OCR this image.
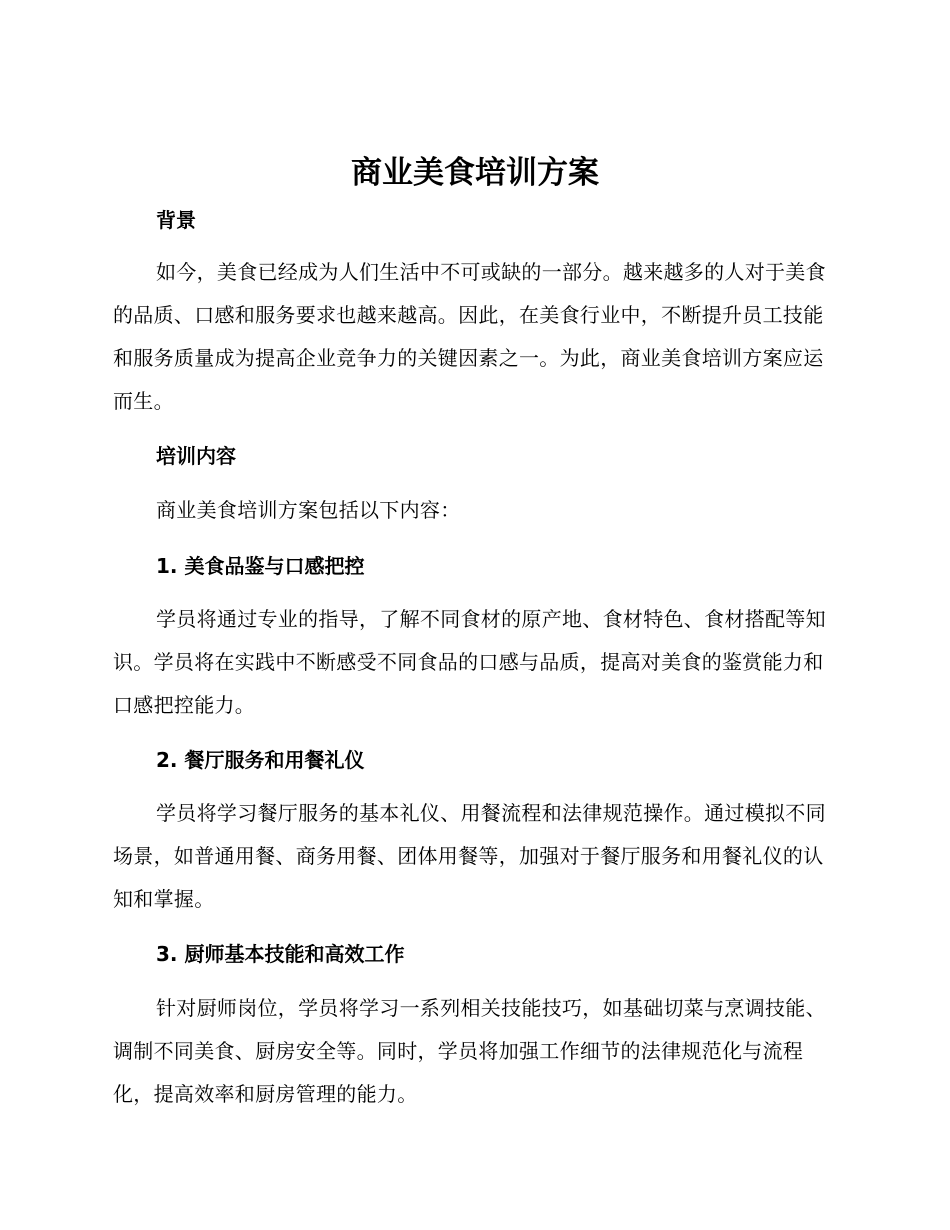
商业美食培训方案
背景

如今，美食已经成为人们生活中不可或缺的一部分。越来越多的人对于美食的品质、口感和服务要求也越来越高。因此，在美食行业中，不断提升员工技能和服务质量成为提高企业竞争力的关键因素之一。为此，商业美食培训方案应运而生。

培训内容

商业美食培训方案包括以下内容：

1. 美食品鉴与口感把控

学员将通过专业的指导，了解不同食材的原产地、食材特色、食材搭配等知识。学员将在实践中不断感受不同食品的口感与品质，提高对美食的鉴赏能力和口感把控能力。

2. 餐厅服务和用餐礼仪

学员将学习餐厅服务的基本礼仪、用餐流程和法律规范操作。通过模拟不同场景，如普通用餐、商务用餐、团体用餐等，加强对于餐厅服务和用餐礼仪的认知和掌握。

3. 厨师基本技能和高效工作

针对厨师岗位，学员将学习一系列相关技能技巧，如基础切菜与烹调技能、调制不同美食、厨房安全等。同时，学员将加强工作细节的法律规范化与流程化，提高效率和厨房管理的能力。
